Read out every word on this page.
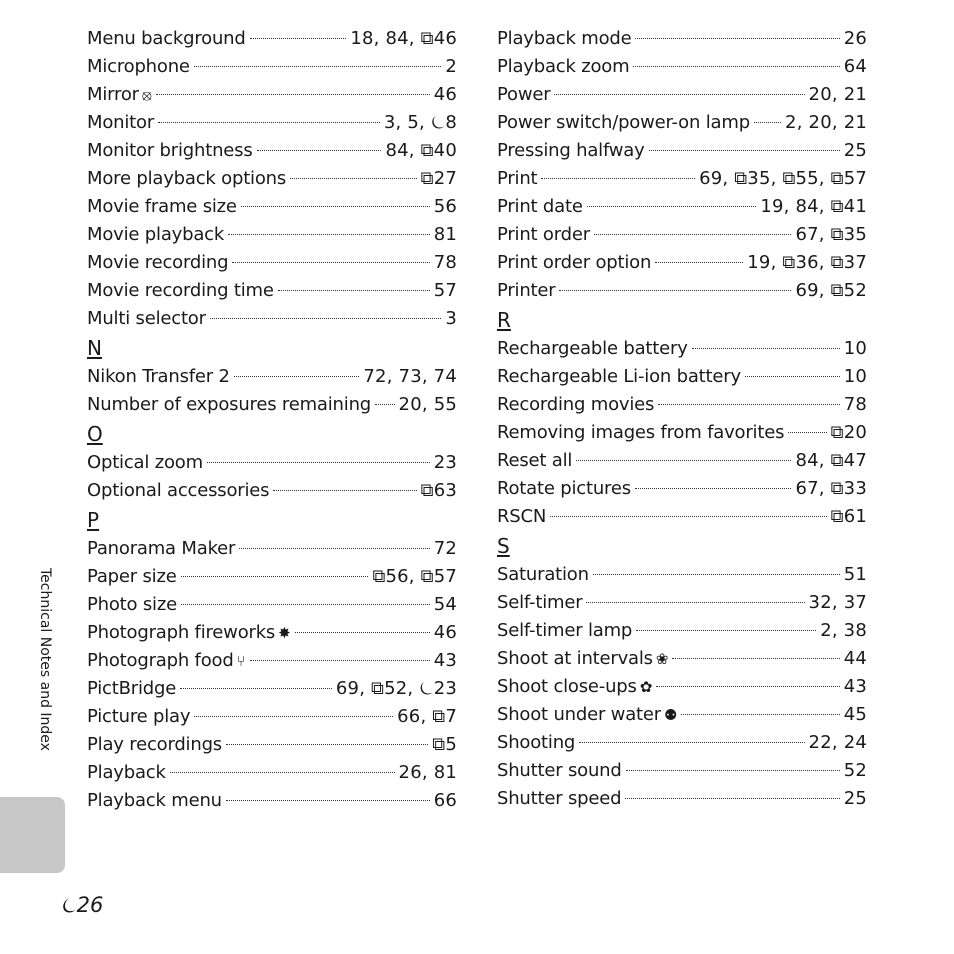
Technical Notes and Index
Menu background	18, 84, ⧉46
Microphone	2
Mirror ⦻	46
Monitor	3, 5, ⏾8
Monitor brightness	84, ⧉40
More playback options	⧉27
Movie frame size	56
Movie playback	81
Movie recording	78
Movie recording time	57
Multi selector	3
N
Nikon Transfer 2	72, 73, 74
Number of exposures remaining 20, 55
O
Optical zoom	23
Optional accessories	⧉63
P
Panorama Maker	72
Paper size	⧉56, ⧉57
Photo size	54
Photograph fireworks ✸	46
Photograph food ⑂	43
PictBridge	69, ⧉52, ⏾23
Picture play	66, ⧉7
Play recordings	⧉5
Playback	26, 81
Playback menu	66
Playback mode	26
Playback zoom	64
Power	20, 21
Power switch/power-on lamp 2, 20, 21
Pressing halfway	25
Print	69, ⧉35, ⧉55, ⧉57
Print date	19, 84, ⧉41
Print order	67, ⧉35
Print order option	19, ⧉36, ⧉37
Printer	69, ⧉52
R
Rechargeable battery	10
Rechargeable Li-ion battery	10
Recording movies	78
Removing images from favorites	⧉20
Reset all	84, ⧉47
Rotate pictures	67, ⧉33
RSCN	⧉61
S
Saturation	51
Self-timer	32, 37
Self-timer lamp	2, 38
Shoot at intervals ❀	44
Shoot close-ups ✿	43
Shoot under water ⚉	45
Shooting	22, 24
Shutter sound	52
Shutter speed	25
⏾26
